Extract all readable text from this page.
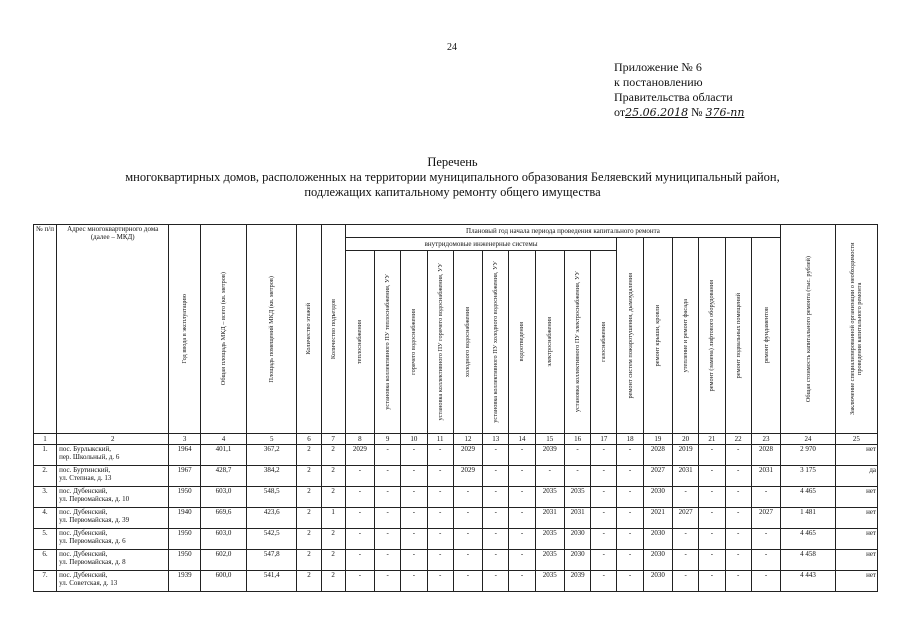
24
Приложение № 6
к постановлению
Правительства области
от25.06.2018 № 376-пп
Перечень
многоквартирных домов, расположенных на территории муниципального образования Беляевский муниципальный район,
подлежащих капитальному ремонту общего имущества
№ п/п	Адрес многоквартирного дома (далее – МКД)	Год ввода в эксплуатацию	Общая площадь МКД – всего (кв. метров)	Площадь помещений МКД (кв. метров)	Количество этажей	Количество подъездов	Плановый год начала периода проведения капитального ремонта																Общая стоимость капитального ремонта (тыс. рублей)	Заключение специализированной организации о необходимости проведения капитального ремонта

							внутридомовые инженерные системы										ремонт систем пожаротушения, дымоудаления	ремонт крыши, кровли	утепление и ремонт фасада	ремонт (замена) лифтового оборудования	ремонт подвальных помещений	ремонт фундаментов		

							теплоснабжения	установка коллективного ПУ теплоснабжения, УУ	горячего водоснабжения	установка коллективного ПУ горячего водоснабжения, УУ	холодного водоснабжения	установка коллективного ПУ холодного водоснабжения, УУ	водоотведения	электроснабжения	установка коллективного ПУ электроснабжения, УУ	газоснабжения								

1	2	3	4	5	6	7	8	9	10	11	12	13	14	15	16	17	18	19	20	21	22	23	24	25
1.	пос. Бурлыкский,
пер. Школьный, д. 6	1964	401,1	367,2	2	2	2029	-	-	-	2029	-	-	2039	-	-	-	2028	2019	-	-	2028	2 970	нет
2.	пос. Буртинский,
ул. Степная, д. 13	1967	428,7	384,2	2	2	-	-	-	-	2029	-	-	-	-	-	-	2027	2031	-	-	2031	3 175	да
3.	пос. Дубенский,
ул. Первомайская, д. 10	1950	603,0	548,5	2	2	-	-	-	-	-	-	-	2035	2035	-	-	2030	-	-	-	-	4 465	нет
4.	пос. Дубенский,
ул. Первомайская, д. 39	1940	669,6	423,6	2	1	-	-	-	-	-	-	-	2031	2031	-	-	2021	2027	-	-	2027	1 481	нет
5.	пос. Дубенский,
ул. Первомайская, д. 6	1950	603,0	542,5	2	2	-	-	-	-	-	-	-	2035	2030	-	-	2030	-	-	-	-	4 465	нет
6.	пос. Дубенский,
ул. Первомайская, д. 8	1950	602,0	547,8	2	2	-	-	-	-	-	-	-	2035	2030	-	-	2030	-	-	-	-	4 458	нет
7.	пос. Дубенский,
ул. Советская, д. 13	1939	600,0	541,4	2	2	-	-	-	-	-	-	-	2035	2039	-	-	2030	-	-	-	-	4 443	нет
